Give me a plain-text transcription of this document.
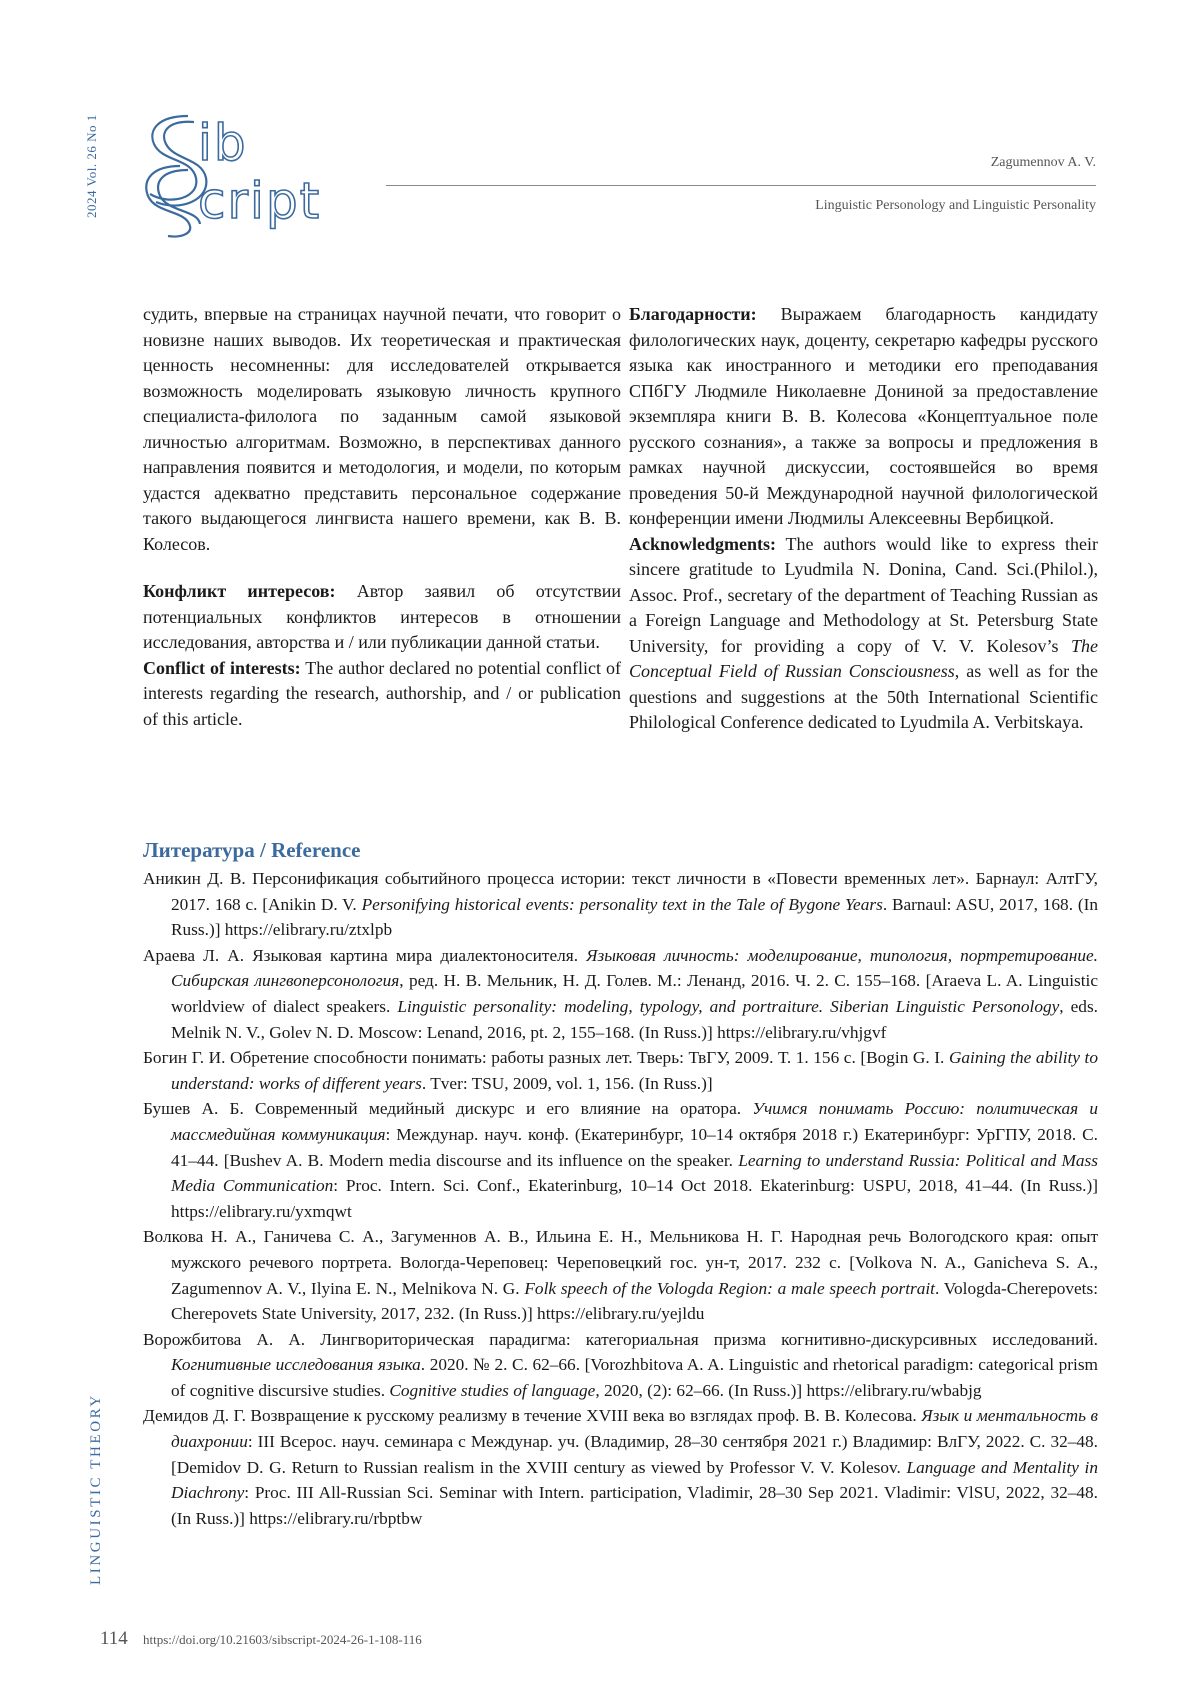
2024 Vol. 26 No 1 ib
cript
Zagumennov A. V.
Linguistic Personology and Linguistic Personality

судить, впервые на страницах научной печати, что говорит о новизне наших выводов. Их теоретическая и практическая ценность несомненны: для исследователей открывается возможность моделировать языковую личность крупного специалиста-филолога по заданным самой языковой личностью алгоритмам. Возможно, в перспективах данного направления появится и методология, и модели, по которым удастся адекватно представить персональное содержание такого выдающегося лингвиста нашего времени, как В. В. Колесов.

Конфликт интересов: Автор заявил об отсутствии потенциальных конфликтов интересов в отношении исследования, авторства и / или публикации данной статьи.

Conflict of interests: The author declared no potential conflict of interests regarding the research, authorship, and / or publication of this article.

Благодарности: Выражаем благодарность кандидату филологических наук, доценту, секретарю кафедры русского языка как иностранного и методики его преподавания СПбГУ Людмиле Николаевне Дониной за предоставление экземпляра книги В. В. Колесова «Концептуальное поле русского сознания», а также за вопросы и предложения в рамках научной дискуссии, состоявшейся во время проведения 50-й Международной научной филологической конференции имени Людмилы Алексеевны Вербицкой.

Acknowledgments: The authors would like to express their sincere gratitude to Lyudmila N. Donina, Cand. Sci.(Philol.), Assoc. Prof., secretary of the department of Teaching Russian as a Foreign Language and Methodology at St. Petersburg State University, for providing a copy of V. V. Kolesov’s The Conceptual Field of Russian Consciousness, as well as for the questions and suggestions at the 50th International Scientific Philological Conference dedicated to Lyudmila A. Verbitskaya.

Литература / Reference

Аникин Д. В. Персонификация событийного процесса истории: текст личности в «Повести временных лет». Барнаул: АлтГУ, 2017. 168 с. [Anikin D. V. Personifying historical events: personality text in the Tale of Bygone Years. Barnaul: ASU, 2017, 168. (In Russ.)] https://elibrary.ru/ztxlpb

Араева Л. А. Языковая картина мира диалектоносителя. Языковая личность: моделирование, типология, портретирование. Сибирская лингвоперсонология, ред. Н. В. Мельник, Н. Д. Голев. М.: Ленанд, 2016. Ч. 2. С. 155–168. [Araeva L. A. Linguistic worldview of dialect speakers. Linguistic personality: modeling, typology, and portraiture. Siberian Linguistic Personology, eds. Melnik N. V., Golev N. D. Moscow: Lenand, 2016, pt. 2, 155–168. (In Russ.)] https://elibrary.ru/vhjgvf

Богин Г. И. Обретение способности понимать: работы разных лет. Тверь: ТвГУ, 2009. Т. 1. 156 с. [Bogin G. I. Gaining the ability to understand: works of different years. Tver: TSU, 2009, vol. 1, 156. (In Russ.)]

Бушев А. Б. Современный медийный дискурс и его влияние на оратора. Учимся понимать Россию: политическая и массмедийная коммуникация: Междунар. науч. конф. (Екатеринбург, 10–14 октября 2018 г.) Екатеринбург: УрГПУ, 2018. С. 41–44. [Bushev A. B. Modern media discourse and its influence on the speaker. Learning to understand Russia: Political and Mass Media Communication: Proc. Intern. Sci. Conf., Ekaterinburg, 10–14 Oct 2018. Ekaterinburg: USPU, 2018, 41–44. (In Russ.)] https://elibrary.ru/yxmqwt

Волкова Н. А., Ганичева С. А., Загуменнов А. В., Ильина Е. Н., Мельникова Н. Г. Народная речь Вологодского края: опыт мужского речевого портрета. Вологда-Череповец: Череповецкий гос. ун-т, 2017. 232 с. [Volkova N. A., Ganicheva S. A., Zagumennov A. V., Ilyina E. N., Melnikova N. G. Folk speech of the Vologda Region: a male speech portrait. Vologda-Cherepovets: Cherepovets State University, 2017, 232. (In Russ.)] https://elibrary.ru/yejldu

Ворожбитова А. А. Лингвориторическая парадигма: категориальная призма когнитивно-дискурсивных исследований. Когнитивные исследования языка. 2020. № 2. С. 62–66. [Vorozhbitova A. A. Linguistic and rhetorical paradigm: categorical prism of cognitive discursive studies. Cognitive studies of language, 2020, (2): 62–66. (In Russ.)] https://elibrary.ru/wbabjg

Демидов Д. Г. Возвращение к русскому реализму в течение XVIII века во взглядах проф. В. В. Колесова. Язык и ментальность в диахронии: III Всерос. науч. семинара с Междунар. уч. (Владимир, 28–30 сентября 2021 г.) Владимир: ВлГУ, 2022. С. 32–48. [Demidov D. G. Return to Russian realism in the XVIII century as viewed by Professor V. V. Kolesov. Language and Mentality in Diachrony: Proc. III All-Russian Sci. Seminar with Intern. participation, Vladimir, 28–30 Sep 2021. Vladimir: VlSU, 2022, 32–48. (In Russ.)] https://elibrary.ru/rbptbw

LINGUISTIC THEORY
114 https://doi.org/10.21603/sibscript-2024-26-1-108-116
